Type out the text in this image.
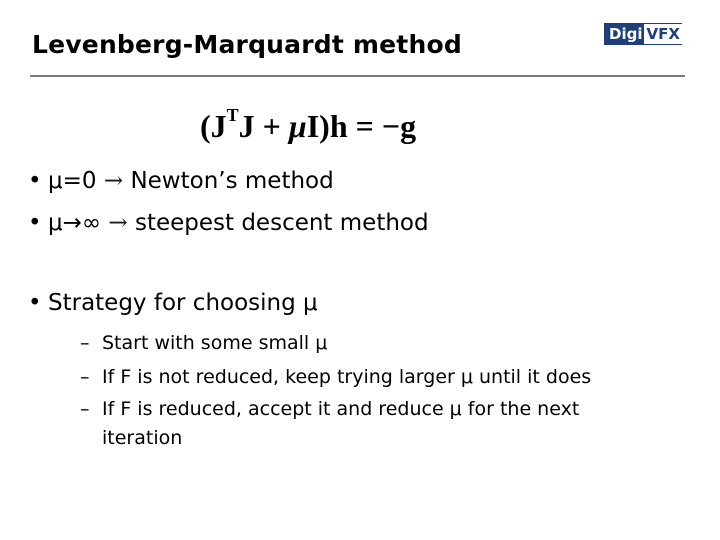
Levenberg-Marquardt method	Digi VFX
$(J^TJ + \mu I)h = -g$
• μ=0 → Newton’s method
• μ→∞ → steepest descent method
• Strategy for choosing μ
– Start with some small μ
– If F is not reduced, keep trying larger μ until it does
– If F is reduced, accept it and reduce μ for the next
iteration
